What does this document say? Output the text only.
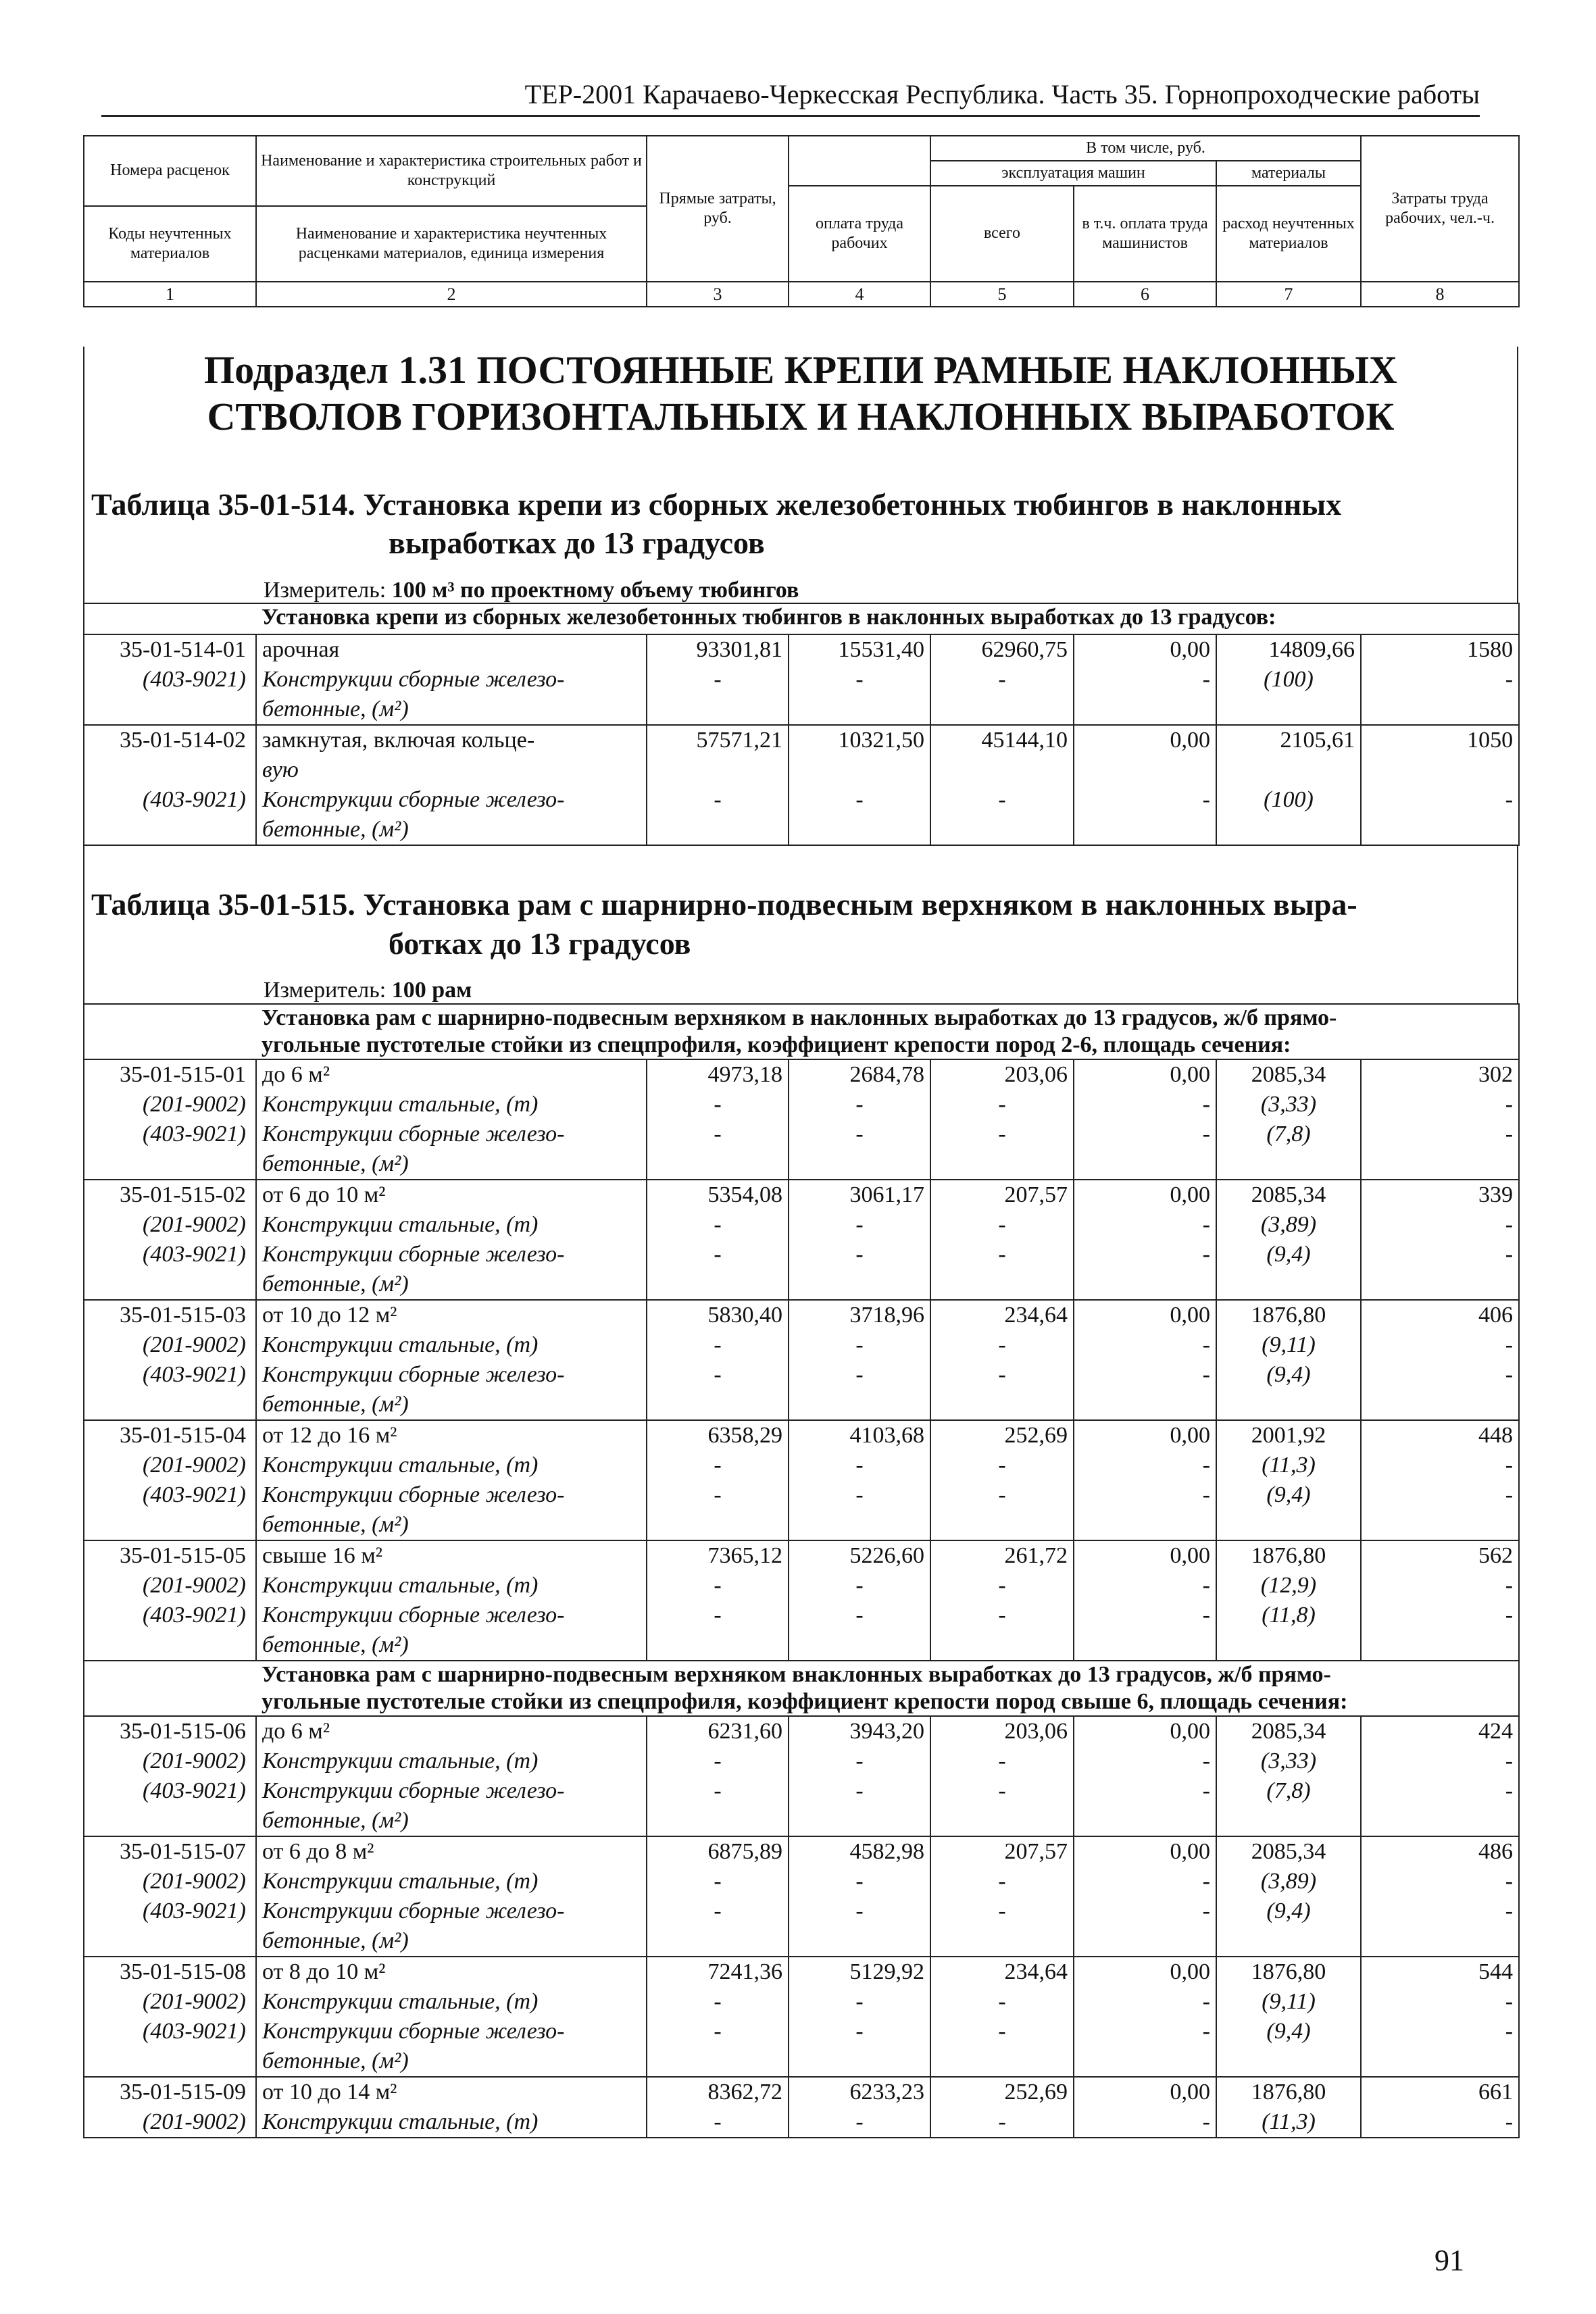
ТЕР-2001 Карачаево-Черкесская Республика. Часть 35. Горнопроходческие работы
Номера расценок	Наименование и характеристика строительных работ и конструкций	Прямые затраты, руб.		В том числе, руб.			Затраты труда рабочих, чел.-ч.
				эксплуатация машин		материалы	
			оплата труда рабочих	всего	в т.ч. оплата труда машинистов	расход неучтенных материалов	
Коды неучтенных материалов	Наименование и характеристика неучтенных расценками материалов, единица измерения						

1	2	3	4	5	6	7	8
Подраздел 1.31 ПОСТОЯННЫЕ КРЕПИ РАМНЫЕ НАКЛОННЫХ
СТВОЛОВ ГОРИЗОНТАЛЬНЫХ И НАКЛОННЫХ ВЫРАБОТОК
Таблица 35-01-514. Установка крепи из сборных железобетонных тюбингов в наклонных
выработках до 13 градусов
Измеритель: 100 м³ по проектному объему тюбингов
Установка крепи из сборных железобетонных тюбингов в наклонных выработках до 13 градусов:							
35-01-514-01	арочная	93301,81	15531,40	62960,75	0,00	14809,66	1580
(403-9021)	Конструкции сборные железо-	-	-	-	-	(100)	-
	бетонные, (м²)						
35-01-514-02	замкнутая, включая кольце-	57571,21	10321,50	45144,10	0,00	2105,61	1050
	вую						
(403-9021)	Конструкции сборные железо-	-	-	-	-	(100)	-
	бетонные, (м²)						
Таблица 35-01-515. Установка рам с шарнирно-подвесным верхняком в наклонных выра-
ботках до 13 градусов
Измеритель: 100 рам
Установка рам с шарнирно-подвесным верхняком в наклонных выработках до 13 градусов, ж/б прямо-
угольные пустотелые стойки из спецпрофиля, коэффициент крепости пород 2-6, площадь сечения:							

35-01-515-01	до 6 м²	4973,18	2684,78	203,06	0,00	2085,34	302
(201-9002)	Конструкции стальные, (т)	-	-	-	-	(3,33)	-
(403-9021)	Конструкции сборные железо-	-	-	-	-	(7,8)	-
	бетонные, (м²)						
35-01-515-02	от 6 до 10 м²	5354,08	3061,17	207,57	0,00	2085,34	339
(201-9002)	Конструкции стальные, (т)	-	-	-	-	(3,89)	-
(403-9021)	Конструкции сборные железо-	-	-	-	-	(9,4)	-
	бетонные, (м²)						
35-01-515-03	от 10 до 12 м²	5830,40	3718,96	234,64	0,00	1876,80	406
(201-9002)	Конструкции стальные, (т)	-	-	-	-	(9,11)	-
(403-9021)	Конструкции сборные железо-	-	-	-	-	(9,4)	-
	бетонные, (м²)						
35-01-515-04	от 12 до 16 м²	6358,29	4103,68	252,69	0,00	2001,92	448
(201-9002)	Конструкции стальные, (т)	-	-	-	-	(11,3)	-
(403-9021)	Конструкции сборные железо-	-	-	-	-	(9,4)	-
	бетонные, (м²)						
35-01-515-05	свыше 16 м²	7365,12	5226,60	261,72	0,00	1876,80	562
(201-9002)	Конструкции стальные, (т)	-	-	-	-	(12,9)	-
(403-9021)	Конструкции сборные железо-	-	-	-	-	(11,8)	-
	бетонные, (м²)						

Установка рам с шарнирно-подвесным верхняком внаклонных выработках до 13 градусов, ж/б прямо-
угольные пустотелые стойки из спецпрофиля, коэффициент крепости пород свыше 6, площадь сечения:							

35-01-515-06	до 6 м²	6231,60	3943,20	203,06	0,00	2085,34	424
(201-9002)	Конструкции стальные, (т)	-	-	-	-	(3,33)	-
(403-9021)	Конструкции сборные железо-	-	-	-	-	(7,8)	-
	бетонные, (м²)						
35-01-515-07	от 6 до 8 м²	6875,89	4582,98	207,57	0,00	2085,34	486
(201-9002)	Конструкции стальные, (т)	-	-	-	-	(3,89)	-
(403-9021)	Конструкции сборные железо-	-	-	-	-	(9,4)	-
	бетонные, (м²)						
35-01-515-08	от 8 до 10 м²	7241,36	5129,92	234,64	0,00	1876,80	544
(201-9002)	Конструкции стальные, (т)	-	-	-	-	(9,11)	-
(403-9021)	Конструкции сборные железо-	-	-	-	-	(9,4)	-
	бетонные, (м²)						
35-01-515-09	от 10 до 14 м²	8362,72	6233,23	252,69	0,00	1876,80	661
(201-9002)	Конструкции стальные, (т)	-	-	-	-	(11,3)	-
91
